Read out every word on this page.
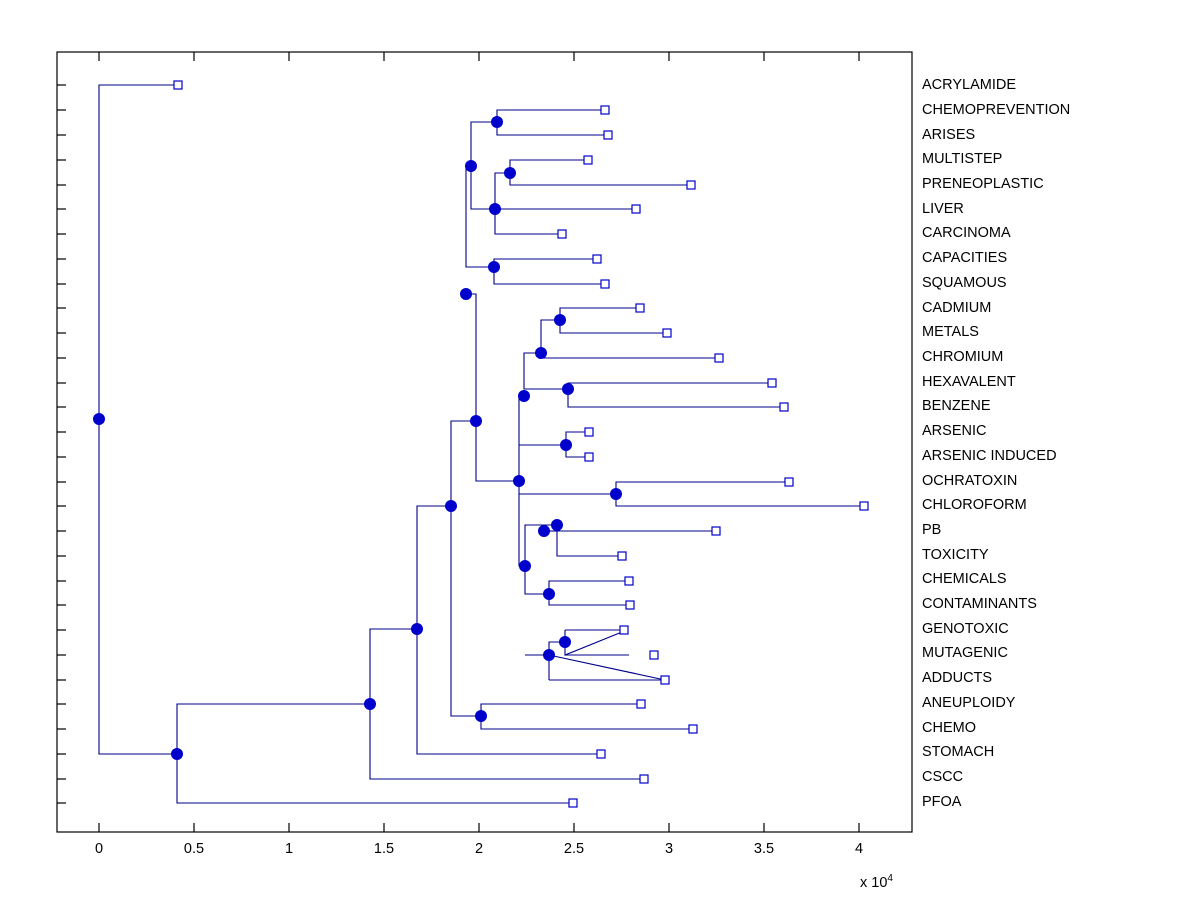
ACRYLAMIDE
CHEMOPREVENTION
ARISES
MULTISTEP
PRENEOPLASTIC
LIVER
CARCINOMA
CAPACITIES
SQUAMOUS
CADMIUM
METALS
CHROMIUM
HEXAVALENT
BENZENE
ARSENIC
ARSENIC INDUCED
OCHRATOXIN
CHLOROFORM
PB
TOXICITY
CHEMICALS
CONTAMINANTS
GENOTOXIC
MUTAGENIC
ADDUCTS
ANEUPLOIDY
CHEMO
STOMACH
CSCC
PFOA
0	0.5	1	1.5	2	2.5	3	3.5	4
x $10^4$
